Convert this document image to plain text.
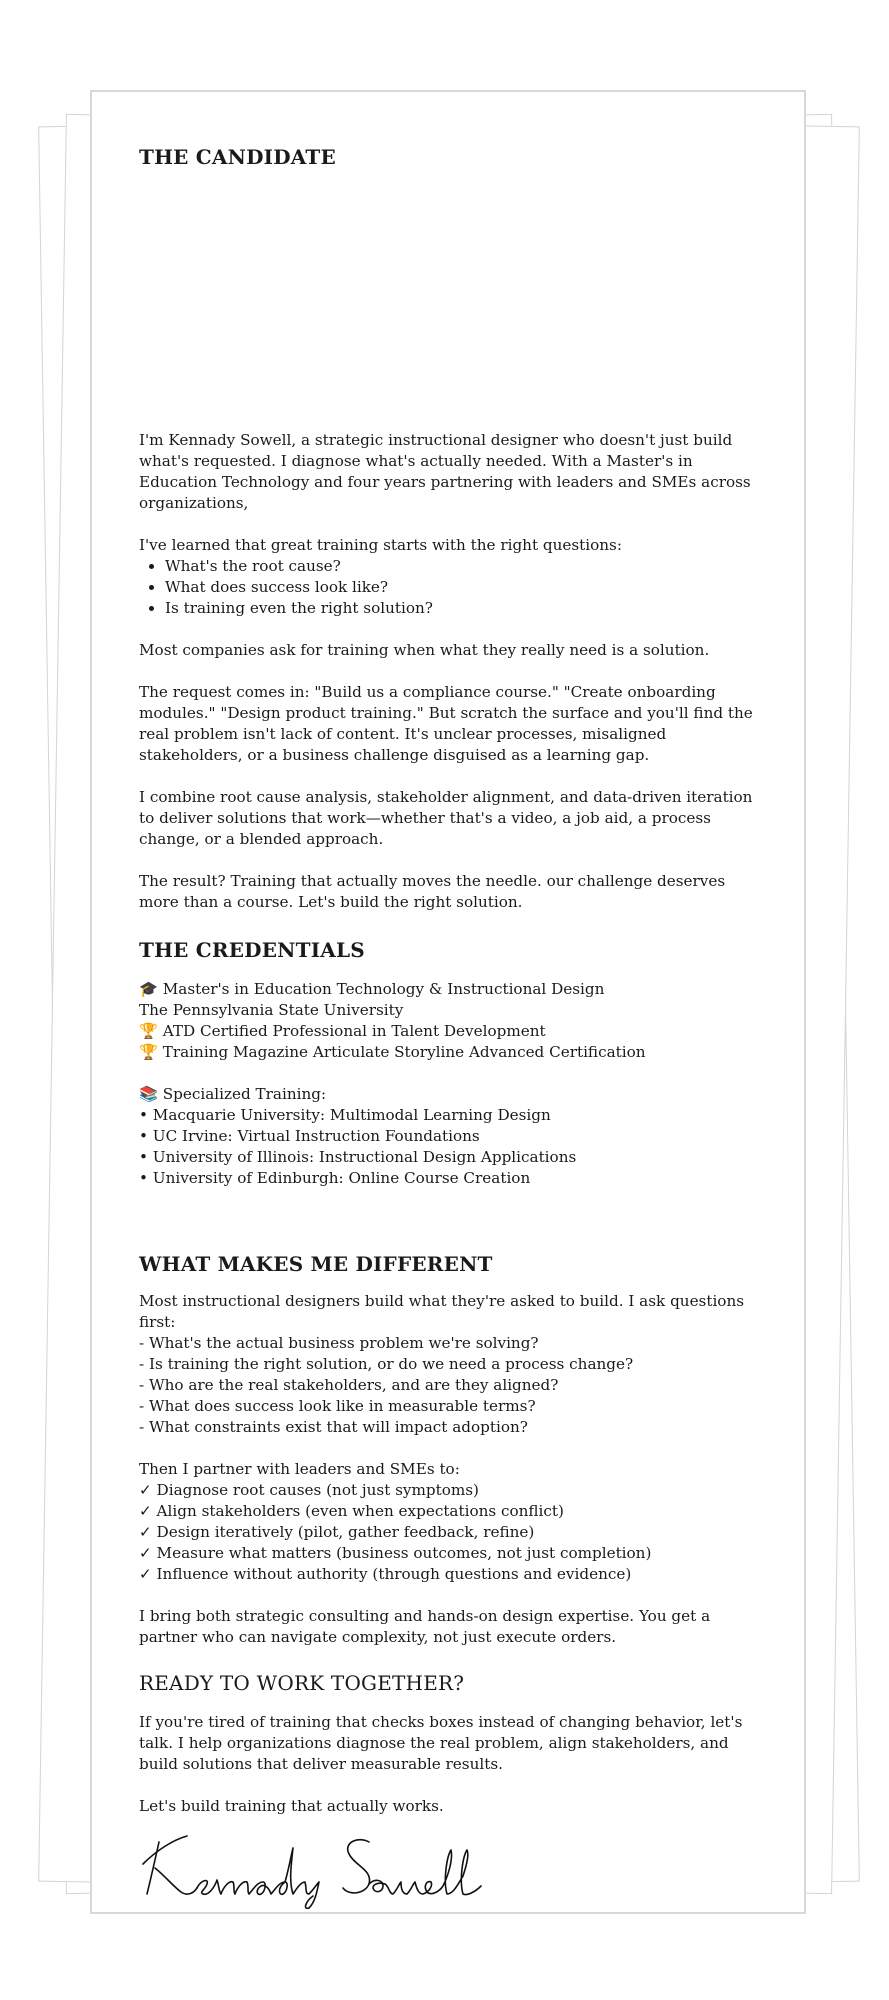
THE CANDIDATE

I'm Kennady Sowell, a strategic instructional designer who doesn't just build what's requested. I diagnose what's actually needed. With a Master's in Education Technology and four years partnering with leaders and SMEs across organizations,

I've learned that great training starts with the right questions:

• What's the root cause?
• What does success look like?
• Is training even the right solution?

Most companies ask for training when what they really need is a solution.

The request comes in: "Build us a compliance course." "Create onboarding modules." "Design product training." But scratch the surface and you'll find the real problem isn't lack of content. It's unclear processes, misaligned stakeholders, or a business challenge disguised as a learning gap.

I combine root cause analysis, stakeholder alignment, and data-driven iteration to deliver solutions that work—whether that's a video, a job aid, a process change, or a blended approach.

The result? Training that actually moves the needle. our challenge deserves more than a course. Let's build the right solution.

THE CREDENTIALS
🎓 Master's in Education Technology & Instructional Design
The Pennsylvania State University
🏆 ATD Certified Professional in Talent Development
🏆 Training Magazine Articulate Storyline Advanced Certification
📚 Specialized Training:
• Macquarie University: Multimodal Learning Design
• UC Irvine: Virtual Instruction Foundations
• University of Illinois: Instructional Design Applications
• University of Edinburgh: Online Course Creation
WHAT MAKES ME DIFFERENT
Most instructional designers build what they're asked to build. I ask questions first:
- What's the actual business problem we're solving?
- Is training the right solution, or do we need a process change?
- Who are the real stakeholders, and are they aligned?
- What does success look like in measurable terms?
- What constraints exist that will impact adoption?
Then I partner with leaders and SMEs to:
✓ Diagnose root causes (not just symptoms)
✓ Align stakeholders (even when expectations conflict)
✓ Design iteratively (pilot, gather feedback, refine)
✓ Measure what matters (business outcomes, not just completion)
✓ Influence without authority (through questions and evidence)

I bring both strategic consulting and hands-on design expertise. You get a partner who can navigate complexity, not just execute orders.

READY TO WORK TOGETHER?

If you're tired of training that checks boxes instead of changing behavior, let's talk. I help organizations diagnose the real problem, align stakeholders, and build solutions that deliver measurable results.

Let's build training that actually works.
